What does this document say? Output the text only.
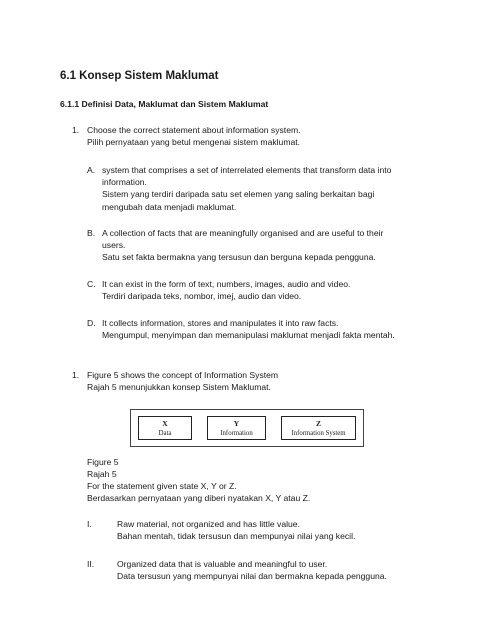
6.1 Konsep Sistem Maklumat
6.1.1 Definisi Data, Maklumat dan Sistem Maklumat
1. Choose the correct statement about information system.
Pilih pernyataan yang betul mengenai sistem maklumat.
A. system that comprises a set of interrelated elements that transform data into
information.
Sistem yang terdiri daripada satu set elemen yang saling berkaitan bagi
mengubah data menjadi maklumat.
B. A collection of facts that are meaningfully organised and are useful to their
users.
Satu set fakta bermakna yang tersusun dan berguna kepada pengguna.
C. It can exist in the form of text, numbers, images, audio and video.
Terdiri daripada teks, nombor, imej, audio dan video.
D. It collects information, stores and manipulates it into raw facts.
Mengumpul, menyimpan dan memanipulasi maklumat menjadi fakta mentah.
1. Figure 5 shows the concept of Information System
Rajah 5 menunjukkan konsep Sistem Maklumat.
X
Data
Y
Information
Z
Information System
Figure 5
Rajah 5
For the statement given state X, Y or Z.
Berdasarkan pernyataan yang diberi nyatakan X, Y atau Z.
I.	Raw material, not organized and has little value.
Bahan mentah, tidak tersusun dan mempunyai nilai yang kecil.
II.	Organized data that is valuable and meaningful to user.
Data tersusun yang mempunyai nilai dan bermakna kepada pengguna.
